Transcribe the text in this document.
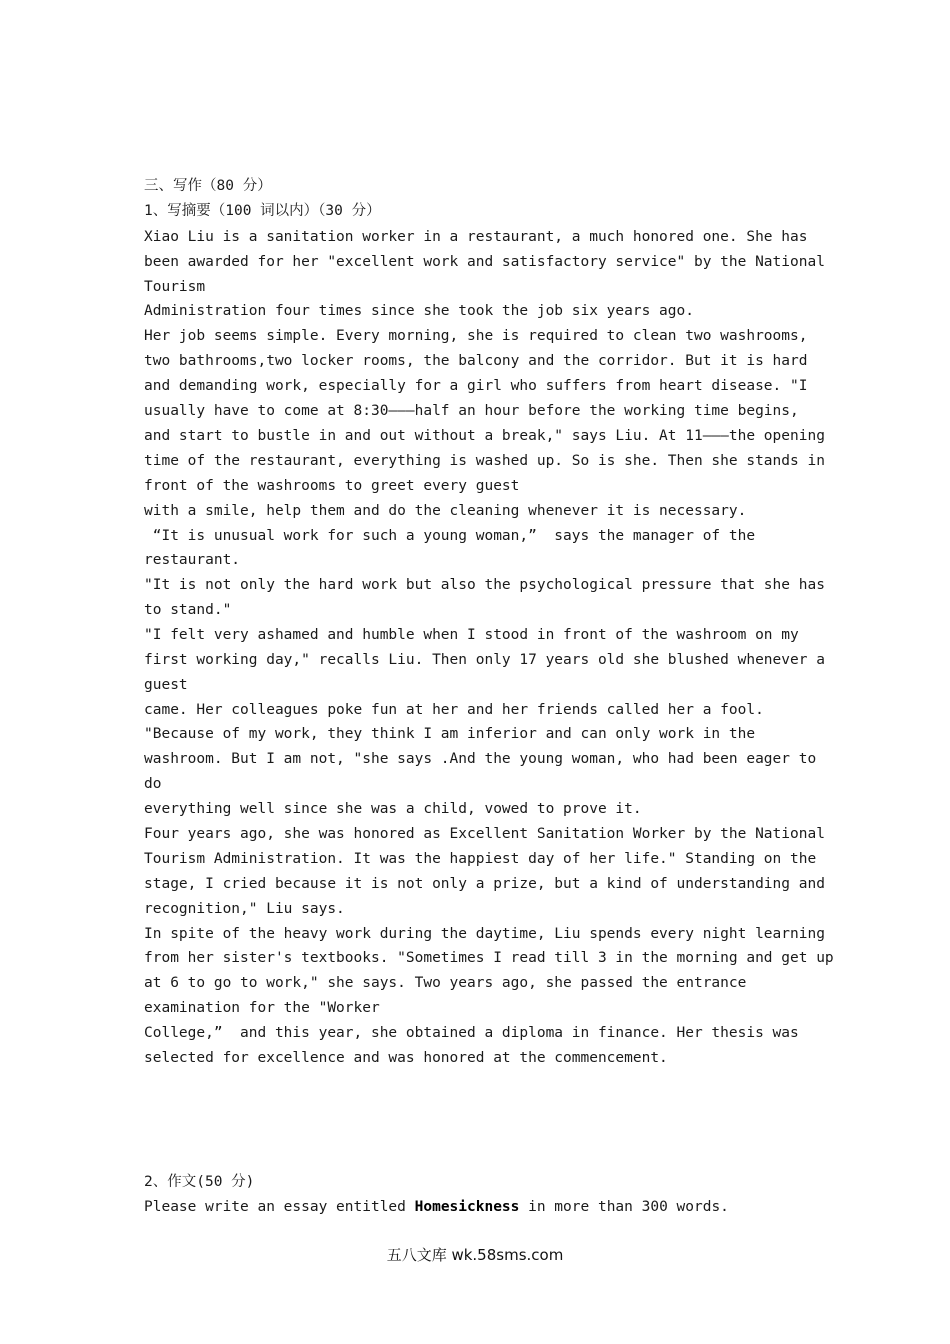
三、写作（80 分）
1、写摘要（100 词以内）（30 分）
Xiao Liu is a sanitation worker in a restaurant, a much honored one. She has
been awarded for her "excellent work and satisfactory service" by the National
Tourism
Administration four times since she took the job six years ago.
Her job seems simple. Every morning, she is required to clean two washrooms,
two bathrooms,two locker rooms, the balcony and the corridor. But it is hard
and demanding work, especially for a girl who suffers from heart disease. "I
usually have to come at 8:30———half an hour before the working time begins,
and start to bustle in and out without a break," says Liu. At 11———the opening
time of the restaurant, everything is washed up. So is she. Then she stands in
front of the washrooms to greet every guest
with a smile, help them and do the cleaning whenever it is necessary.
“It is unusual work for such a young woman,”  says the manager of the
restaurant.
"It is not only the hard work but also the psychological pressure that she has
to stand."
"I felt very ashamed and humble when I stood in front of the washroom on my
first working day," recalls Liu. Then only 17 years old she blushed whenever a
guest
came. Her colleagues poke fun at her and her friends called her a fool.
"Because of my work, they think I am inferior and can only work in the
washroom. But I am not, "she says .And the young woman, who had been eager to
do
everything well since she was a child, vowed to prove it.
Four years ago, she was honored as Excellent Sanitation Worker by the National
Tourism Administration. It was the happiest day of her life." Standing on the
stage, I cried because it is not only a prize, but a kind of understanding and
recognition," Liu says.
In spite of the heavy work during the daytime, Liu spends every night learning
from her sister's textbooks. "Sometimes I read till 3 in the morning and get up
at 6 to go to work," she says. Two years ago, she passed the entrance
examination for the "Worker
College,”  and this year, she obtained a diploma in finance. Her thesis was
selected for excellence and was honored at the commencement.
2、作文(50 分)
Please write an essay entitled Homesickness in more than 300 words.
五八文库 wk.58sms.com
